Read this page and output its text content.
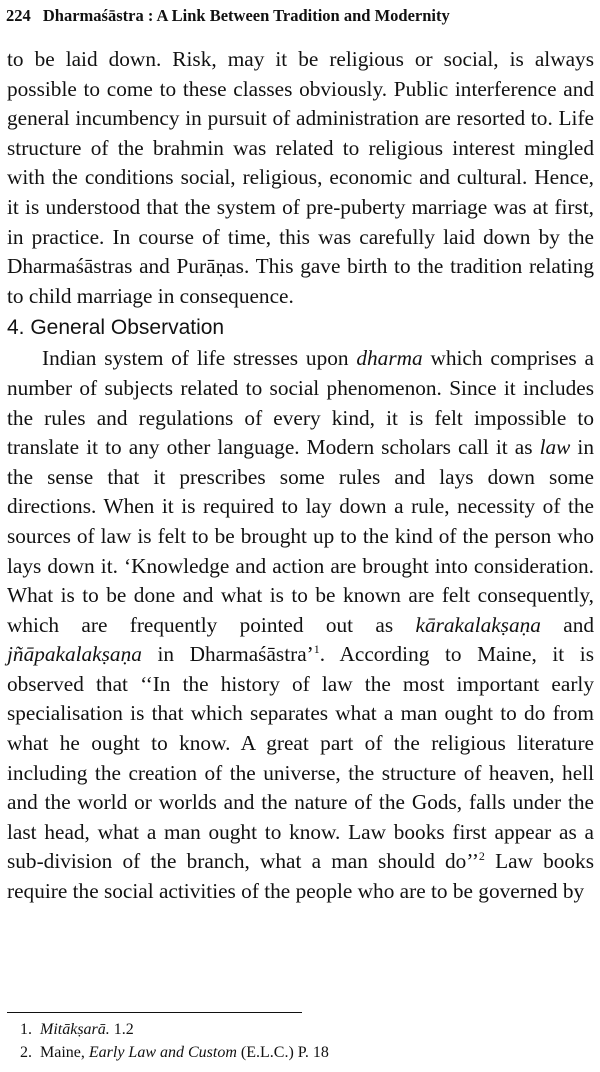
224 Dharmaśāstra : A Link Between Tradition and Modernity

to be laid down. Risk, may it be religious or social, is always possible to come to these classes obviously. Public interference and general incumbency in pursuit of administration are resorted to. Life structure of the brahmin was related to religious interest mingled with the conditions social, religious, economic and cultural. Hence, it is understood that the system of pre-puberty marriage was at first, in practice. In course of time, this was carefully laid down by the Dharmaśāstras and Purāṇas. This gave birth to the tradition relating to child marriage in consequence.

4. General Observation

Indian system of life stresses upon dharma which comprises a number of subjects related to social phenomenon. Since it includes the rules and regulations of every kind, it is felt impossible to translate it to any other language. Modern scholars call it as law in the sense that it prescribes some rules and lays down some directions. When it is required to lay down a rule, necessity of the sources of law is felt to be brought up to the kind of the person who lays down it. ‘Knowledge and action are brought into consideration. What is to be done and what is to be known are felt consequently, which are frequently pointed out as kārakalakṣaṇa and jñāpakalakṣaṇa in Dharmaśāstra’$^1$. According to Maine, it is observed that ‘‘In the history of law the most important early specialisation is that which separates what a man ought to do from what he ought to know. A great part of the religious literature including the creation of the universe, the structure of heaven, hell and the world or worlds and the nature of the Gods, falls under the last head, what a man ought to know. Law books first appear as a sub-division of the branch, what a man should do’’$^2$ Law books require the social activities of the people who are to be governed by

1. Mitākṣarā. 1.2
2. Maine, Early Law and Custom (E.L.C.) P. 18
